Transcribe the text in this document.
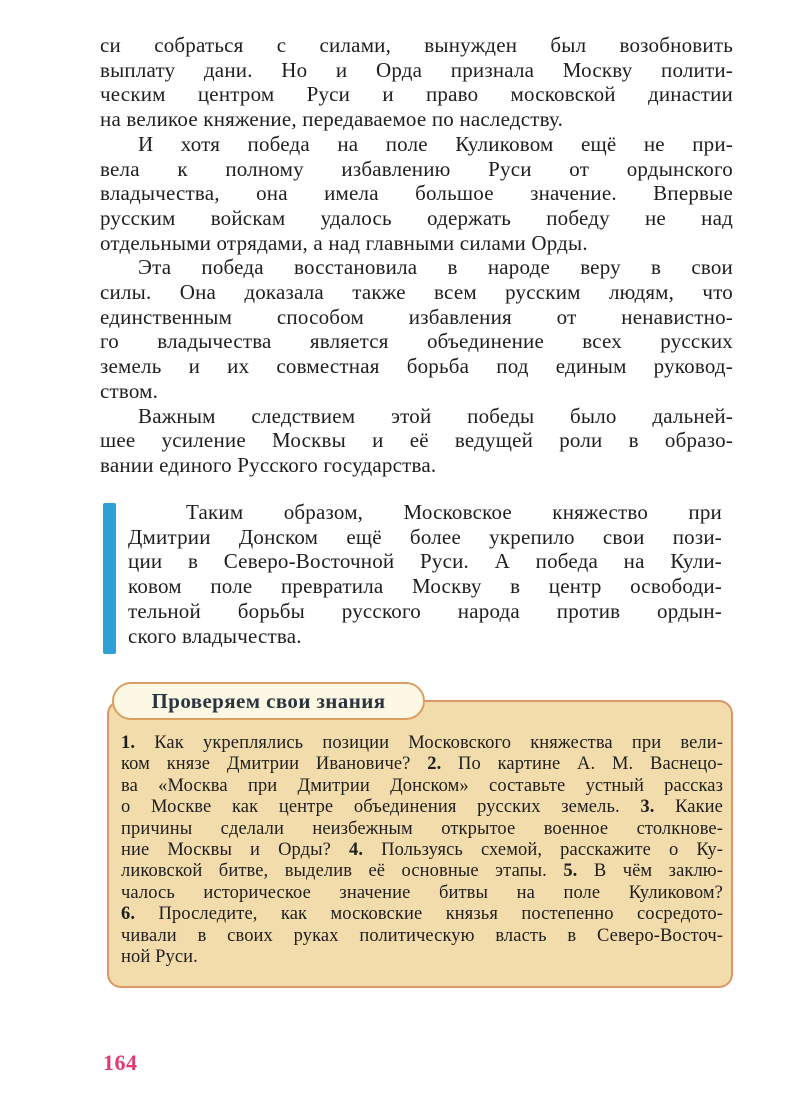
си собраться с силами, вынужден был возобновить
выплату дани. Но и Орда признала Москву полити-
ческим центром Руси и право московской династии
на великое княжение, передаваемое по наследству.
И хотя победа на поле Куликовом ещё не при-
вела к полному избавлению Руси от ордынского
владычества, она имела большое значение. Впервые
русским войскам удалось одержать победу не над
отдельными отрядами, а над главными силами Орды.
Эта победа восстановила в народе веру в свои
силы. Она доказала также всем русским людям, что
единственным способом избавления от ненавистно-
го владычества является объединение всех русских
земель и их совместная борьба под единым руковод-
ством.
Важным следствием этой победы было дальней-
шее усиление Москвы и её ведущей роли в образо-
вании единого Русского государства.
Таким образом, Московское княжество при
Дмитрии Донском ещё более укрепило свои пози-
ции в Северо-Восточной Руси. А победа на Кули-
ковом поле превратила Москву в центр освободи-
тельной борьбы русского народа против ордын-
ского владычества.
Проверяем свои знания
1. Как укреплялись позиции Московского княжества при вели-
ком князе Дмитрии Ивановиче? 2. По картине А. М. Васнецо-
ва «Москва при Дмитрии Донском» составьте устный рассказ
о Москве как центре объединения русских земель. 3. Какие
причины сделали неизбежным открытое военное столкнове-
ние Москвы и Орды? 4. Пользуясь схемой, расскажите о Ку-
ликовской битве, выделив её основные этапы. 5. В чём заклю-
чалось историческое значение битвы на поле Куликовом?
6. Проследите, как московские князья постепенно сосредото-
чивали в своих руках политическую власть в Северо-Восточ-
ной Руси.
164
